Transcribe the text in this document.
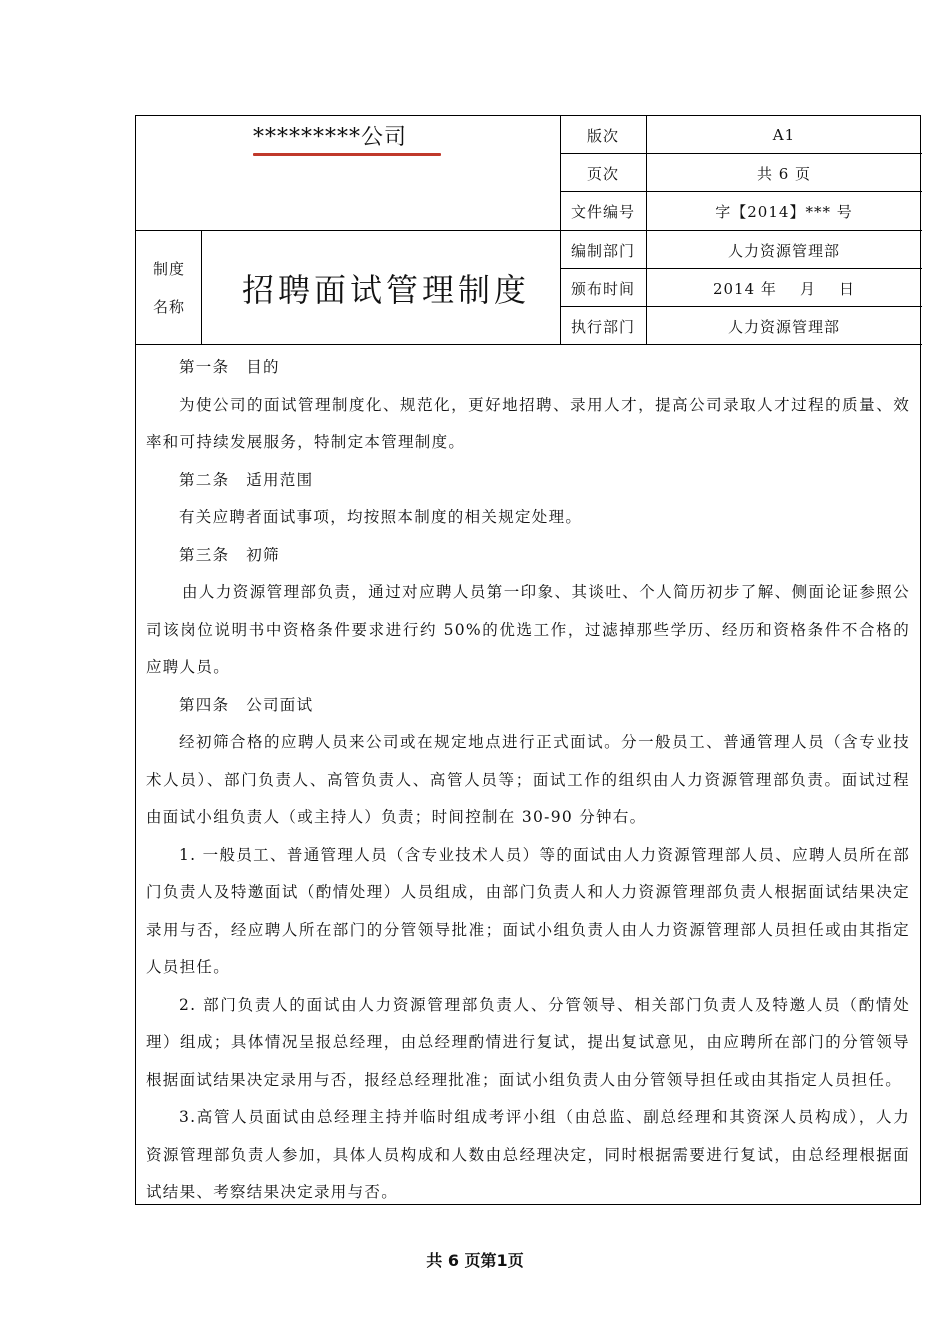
*********公司
制度
名称	招聘面试管理制度
版次	A1
页次	共 6 页
文件编号	字【2014】*** 号
编制部门	人力资源管理部
颁布时间	2014 年    月    日
执行部门	人力资源管理部

第一条　目的

为使公司的面试管理制度化、规范化，更好地招聘、录用人才，提高公司录取人才过程的质量、效率和可持续发展服务，特制定本管理制度。

第二条　适用范围

有关应聘者面试事项，均按照本制度的相关规定处理。

第三条　初筛

由人力资源管理部负责，通过对应聘人员第一印象、其谈吐、个人简历初步了解、侧面论证参照公司该岗位说明书中资格条件要求进行约 50%的优选工作，过滤掉那些学历、经历和资格条件不合格的应聘人员。

第四条　公司面试

经初筛合格的应聘人员来公司或在规定地点进行正式面试。分一般员工、普通管理人员（含专业技术人员）、部门负责人、高管负责人、高管人员等；面试工作的组织由人力资源管理部负责。面试过程由面试小组负责人（或主持人）负责；时间控制在 30-90 分钟右。

1. 一般员工、普通管理人员（含专业技术人员）等的面试由人力资源管理部人员、应聘人员所在部门负责人及特邀面试（酌情处理）人员组成，由部门负责人和人力资源管理部负责人根据面试结果决定录用与否，经应聘人所在部门的分管领导批准；面试小组负责人由人力资源管理部人员担任或由其指定人员担任。

2. 部门负责人的面试由人力资源管理部负责人、分管领导、相关部门负责人及特邀人员（酌情处理）组成；具体情况呈报总经理，由总经理酌情进行复试，提出复试意见，由应聘所在部门的分管领导根据面试结果决定录用与否，报经总经理批准；面试小组负责人由分管领导担任或由其指定人员担任。

3.高管人员面试由总经理主持并临时组成考评小组（由总监、副总经理和其资深人员构成），人力资源管理部负责人参加，具体人员构成和人数由总经理决定，同时根据需要进行复试，由总经理根据面试结果、考察结果决定录用与否。

共 6 页第1页
